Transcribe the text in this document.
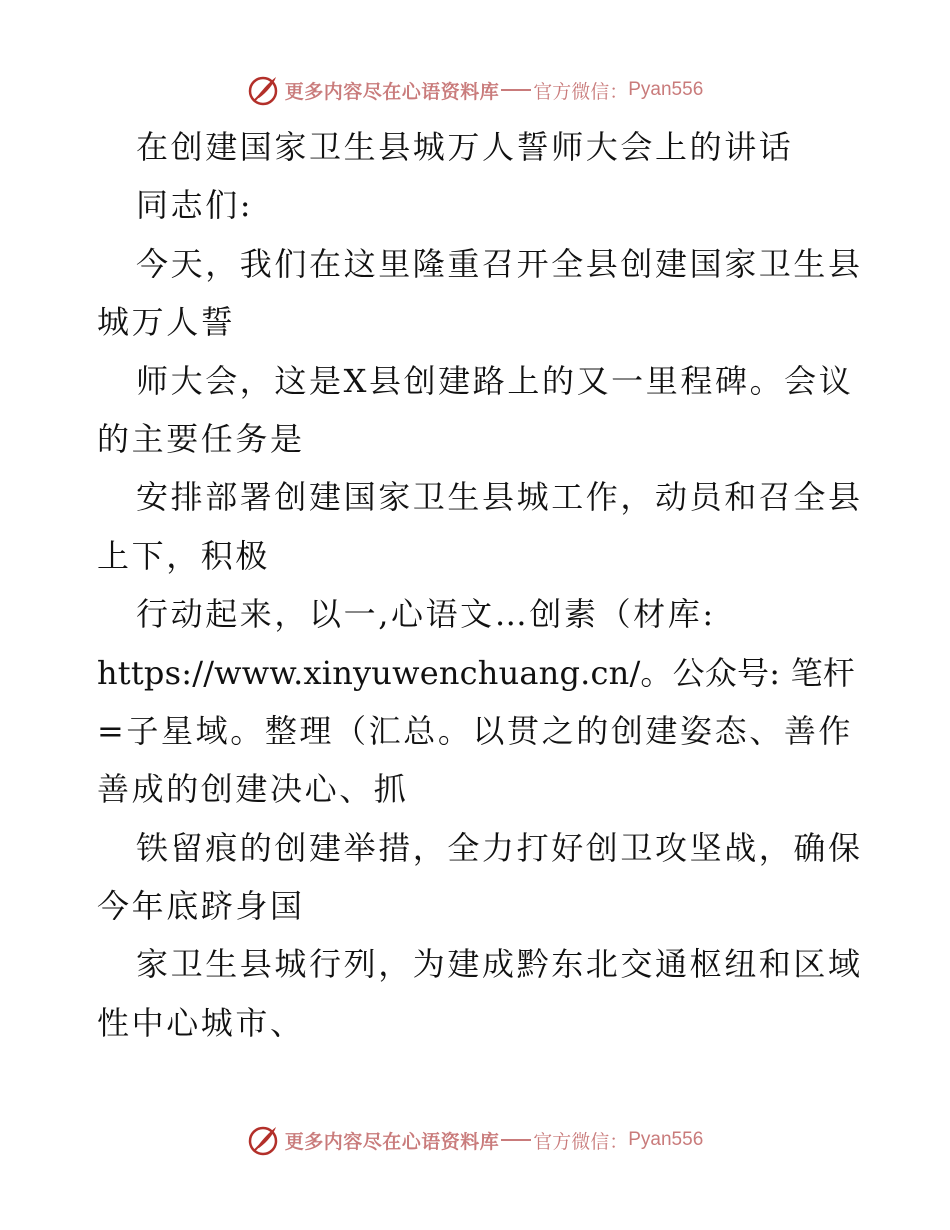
更多内容尽在心语资料库 官方微信： Pyan556
在创建国家卫生县城万人誓师大会上的讲话
同志们:
今天，我们在这里隆重召开全县创建国家卫生县
城万人誓
师大会，这是X县创建路上的又一里程碑。会议
的主要任务是
安排部署创建国家卫生县城工作，动员和召全县
上下，积极
行动起来，以一,心语文…创素（材库:
https://www.xinyuwenchuang.cn/。公众号: 笔杆
=子星域。整理（汇总。以贯之的创建姿态、善作
善成的创建决心、抓
铁留痕的创建举措，全力打好创卫攻坚战，确保
今年底跻身国
家卫生县城行列，为建成黔东北交通枢纽和区域
性中心城市、
更多内容尽在心语资料库 官方微信： Pyan556
